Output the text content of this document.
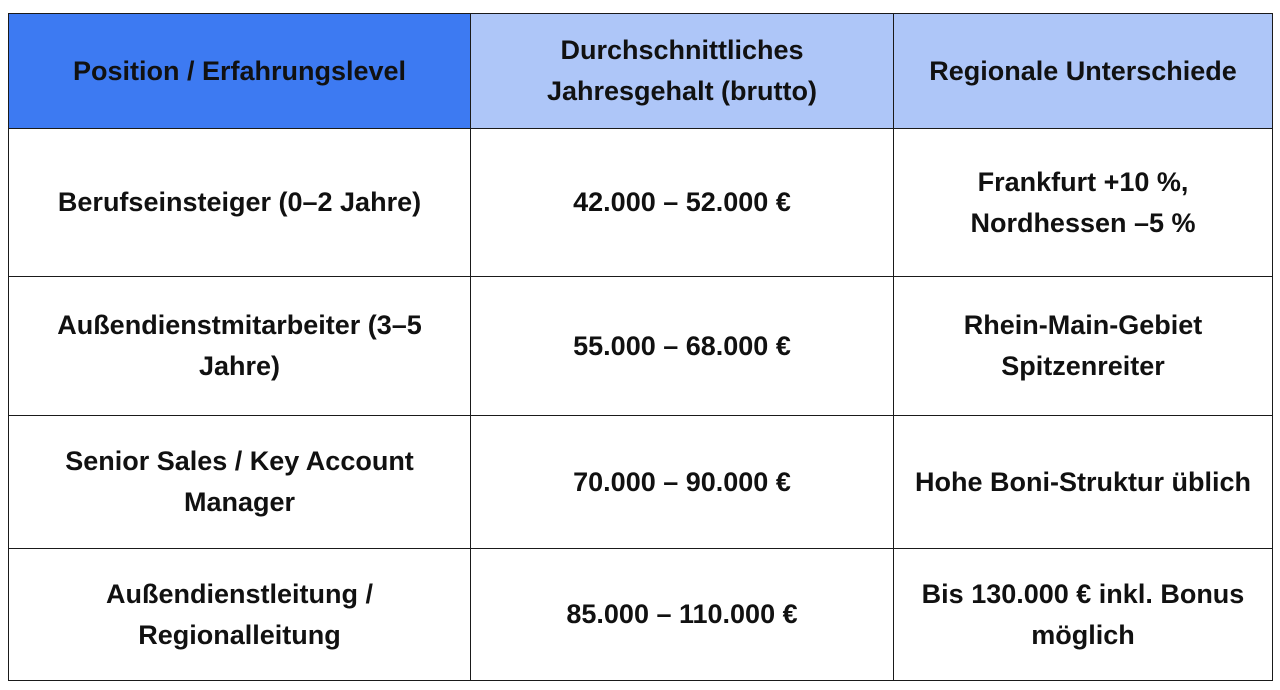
Position / Erfahrungslevel	Durchschnittliches Jahresgehalt (brutto)	Regionale Unterschiede
Berufseinsteiger (0–2 Jahre)	42.000 – 52.000 €	Frankfurt +10 %, Nordhessen –5 %
Außendienstmitarbeiter (3–5 Jahre)	55.000 – 68.000 €	Rhein-Main-Gebiet Spitzenreiter
Senior Sales / Key Account Manager	70.000 – 90.000 €	Hohe Boni-Struktur üblich
Außendienstleitung / Regionalleitung	85.000 – 110.000 €	Bis 130.000 € inkl. Bonus möglich
